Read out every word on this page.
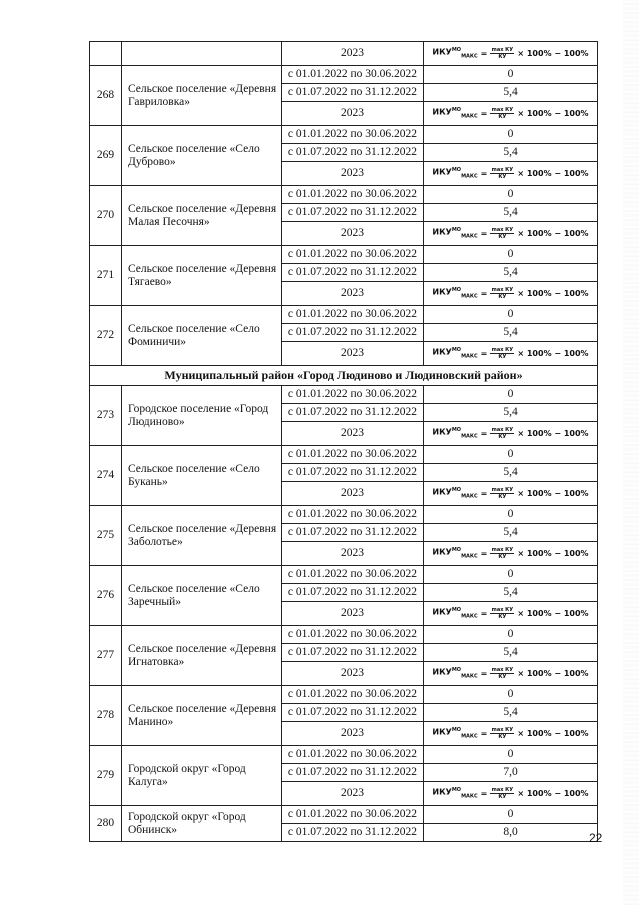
		2023	$ИКУ^{МО}_{МАКС} = \frac{\text{max КУ}}{КУ} \times 100\% - 100\%$

268	Сельское поселение «Деревня Гавриловка»	с 01.01.2022 по 30.06.2022	0
		с 01.07.2022 по 31.12.2022	5,4
		2023	$ИКУ^{МО}_{МАКС} = \frac{\text{max КУ}}{КУ} \times 100\% - 100\%$

269	Сельское поселение «Село Дуброво»	с 01.01.2022 по 30.06.2022	0
		с 01.07.2022 по 31.12.2022	5,4
		2023	$ИКУ^{МО}_{МАКС} = \frac{\text{max КУ}}{КУ} \times 100\% - 100\%$

270	Сельское поселение «Деревня Малая Песочня»	с 01.01.2022 по 30.06.2022	0
		с 01.07.2022 по 31.12.2022	5,4
		2023	$ИКУ^{МО}_{МАКС} = \frac{\text{max КУ}}{КУ} \times 100\% - 100\%$

271	Сельское поселение «Деревня Тягаево»	с 01.01.2022 по 30.06.2022	0
		с 01.07.2022 по 31.12.2022	5,4
		2023	$ИКУ^{МО}_{МАКС} = \frac{\text{max КУ}}{КУ} \times 100\% - 100\%$

272	Сельское поселение «Село Фоминичи»	с 01.01.2022 по 30.06.2022	0
		с 01.07.2022 по 31.12.2022	5,4
		2023	$ИКУ^{МО}_{МАКС} = \frac{\text{max КУ}}{КУ} \times 100\% - 100\%$

Муниципальный район «Город Людиново и Людиновский район»			
273	Городское поселение «Город Людиново»	с 01.01.2022 по 30.06.2022	0
		с 01.07.2022 по 31.12.2022	5,4
		2023	$ИКУ^{МО}_{МАКС} = \frac{\text{max КУ}}{КУ} \times 100\% - 100\%$

274	Сельское поселение «Село Букань»	с 01.01.2022 по 30.06.2022	0
		с 01.07.2022 по 31.12.2022	5,4
		2023	$ИКУ^{МО}_{МАКС} = \frac{\text{max КУ}}{КУ} \times 100\% - 100\%$

275	Сельское поселение «Деревня Заболотье»	с 01.01.2022 по 30.06.2022	0
		с 01.07.2022 по 31.12.2022	5,4
		2023	$ИКУ^{МО}_{МАКС} = \frac{\text{max КУ}}{КУ} \times 100\% - 100\%$

276	Сельское поселение «Село Заречный»	с 01.01.2022 по 30.06.2022	0
		с 01.07.2022 по 31.12.2022	5,4
		2023	$ИКУ^{МО}_{МАКС} = \frac{\text{max КУ}}{КУ} \times 100\% - 100\%$

277	Сельское поселение «Деревня Игнатовка»	с 01.01.2022 по 30.06.2022	0
		с 01.07.2022 по 31.12.2022	5,4
		2023	$ИКУ^{МО}_{МАКС} = \frac{\text{max КУ}}{КУ} \times 100\% - 100\%$

278	Сельское поселение «Деревня Манино»	с 01.01.2022 по 30.06.2022	0
		с 01.07.2022 по 31.12.2022	5,4
		2023	$ИКУ^{МО}_{МАКС} = \frac{\text{max КУ}}{КУ} \times 100\% - 100\%$

279	Городской округ «Город Калуга»	с 01.01.2022 по 30.06.2022	0
		с 01.07.2022 по 31.12.2022	7,0
		2023	$ИКУ^{МО}_{МАКС} = \frac{\text{max КУ}}{КУ} \times 100\% - 100\%$

280	Городской округ «Город Обнинск»	с 01.01.2022 по 30.06.2022	0
		с 01.07.2022 по 31.12.2022	8,0	22
